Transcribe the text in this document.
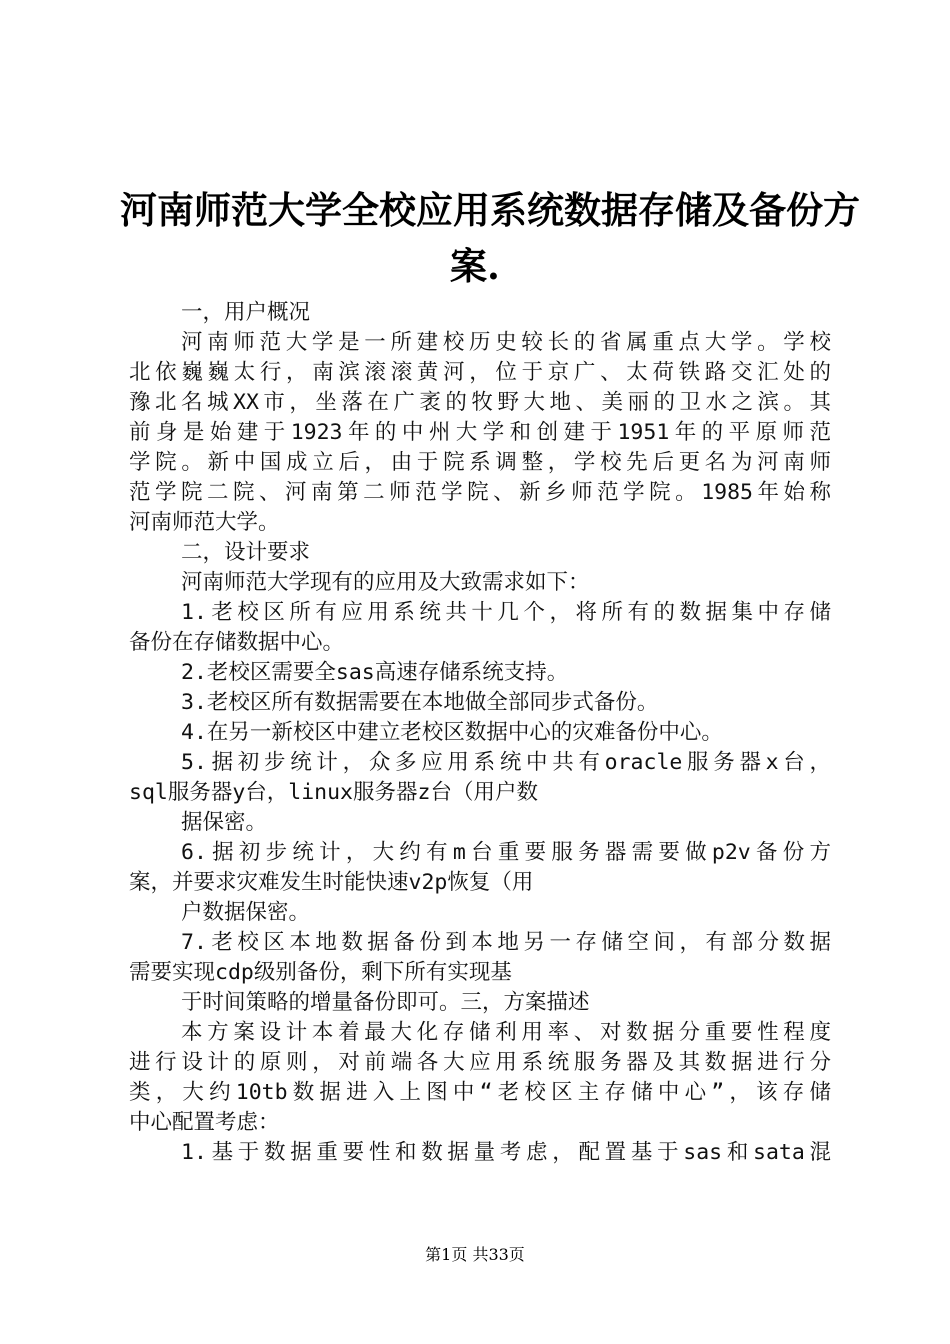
河南师范大学全校应用系统数据存储及备份方
案.
一，用户概况
河南师范大学是一所建校历史较长的省属重点大学。学校
北依巍巍太行，南滨滚滚黄河，位于京广、太荷铁路交汇处的
豫北名城XX市，坐落在广袤的牧野大地、美丽的卫水之滨。其
前身是始建于1923年的中州大学和创建于1951年的平原师范
学院。新中国成立后，由于院系调整，学校先后更名为河南师
范学院二院、河南第二师范学院、新乡师范学院。1985年始称
河南师范大学。
二，设计要求
河南师范大学现有的应用及大致需求如下：
1.老校区所有应用系统共十几个，将所有的数据集中存储
备份在存储数据中心。
2.老校区需要全sas高速存储系统支持。
3.老校区所有数据需要在本地做全部同步式备份。
4.在另一新校区中建立老校区数据中心的灾难备份中心。
5.据初步统计，众多应用系统中共有oracle服务器x台，
sql服务器y台，linux服务器z台（用户数
据保密。
6.据初步统计，大约有m台重要服务器需要做p2v备份方
案，并要求灾难发生时能快速v2p恢复（用
户数据保密。
7.老校区本地数据备份到本地另一存储空间，有部分数据
需要实现cdp级别备份，剩下所有实现基
于时间策略的增量备份即可。三，方案描述
本方案设计本着最大化存储利用率、对数据分重要性程度
进行设计的原则，对前端各大应用系统服务器及其数据进行分
类，大约10tb数据进入上图中“老校区主存储中心”，该存储
中心配置考虑：
1.基于数据重要性和数据量考虑，配置基于sas和sata混
第1页 共33页
